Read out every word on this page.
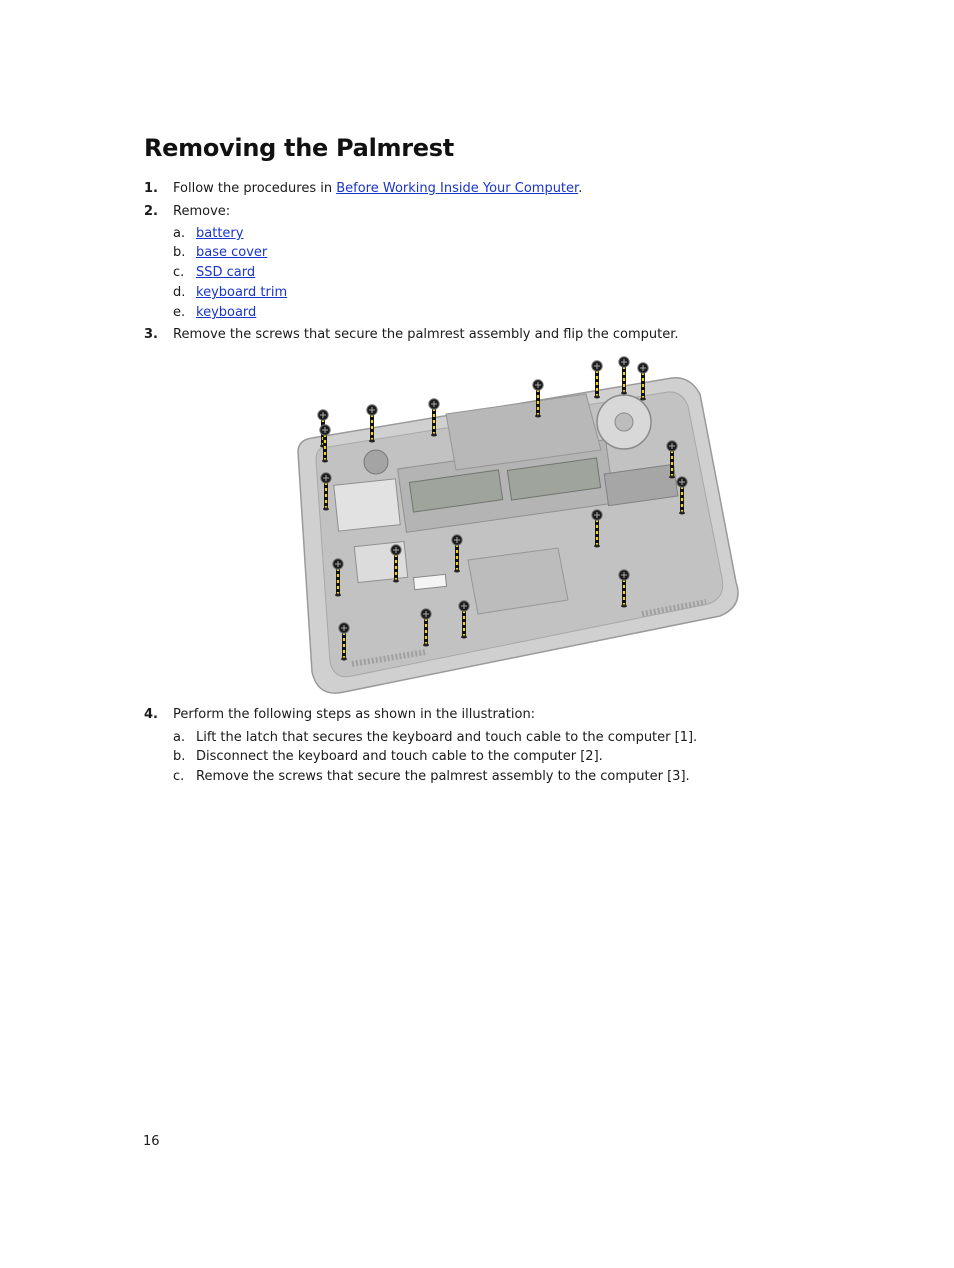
Removing the Palmrest
1. Follow the procedures in Before Working Inside Your Computer.
2. Remove:
a. battery
b. base cover
c. SSD card
d. keyboard trim
e. keyboard
3. Remove the screws that secure the palmrest assembly and flip the computer.
4. Perform the following steps as shown in the illustration:
a. Lift the latch that secures the keyboard and touch cable to the computer [1].
b. Disconnect the keyboard and touch cable to the computer [2].
c. Remove the screws that secure the palmrest assembly to the computer [3].
16
